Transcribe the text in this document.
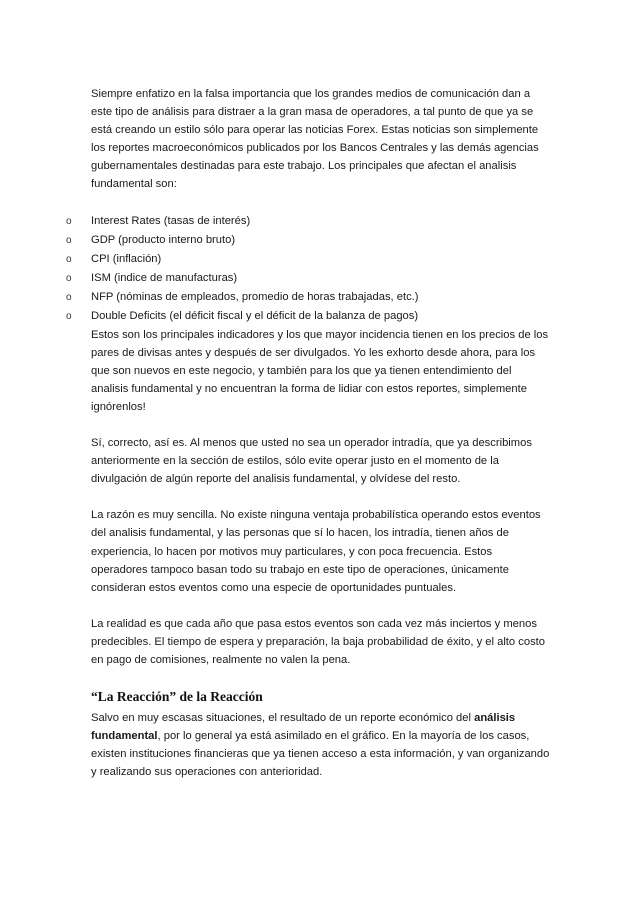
Siempre enfatizo en la falsa importancia que los grandes medios de comunicación dan a este tipo de análisis para distraer a la gran masa de operadores, a tal punto de que ya se está creando un estilo sólo para operar las noticias Forex. Estas noticias son simplemente los reportes macroeconómicos publicados por los Bancos Centrales y las demás agencias gubernamentales destinadas para este trabajo. Los principales que afectan el analisis fundamental son:

o Interest Rates (tasas de interés)
o GDP (producto interno bruto)
o CPI (inflación)
o ISM (indice de manufacturas)
o NFP (nóminas de empleados, promedio de horas trabajadas, etc.)
o Double Deficits (el déficit fiscal y el déficit de la balanza de pagos)

Estos son los principales indicadores y los que mayor incidencia tienen en los precios de los pares de divisas antes y después de ser divulgados. Yo les exhorto desde ahora, para los que son nuevos en este negocio, y también para los que ya tienen entendimiento del analisis fundamental y no encuentran la forma de lidiar con estos reportes, simplemente ignórenlos!

Sí, correcto, así es. Al menos que usted no sea un operador intradía, que ya describimos anteriormente en la sección de estilos, sólo evite operar justo en el momento de la divulgación de algún reporte del analisis fundamental, y olvídese del resto.

La razón es muy sencilla. No existe ninguna ventaja probabilística operando estos eventos del analisis fundamental, y las personas que sí lo hacen, los intradía, tienen años de experiencia, lo hacen por motivos muy particulares, y con poca frecuencia. Estos operadores tampoco basan todo su trabajo en este tipo de operaciones, únicamente consideran estos eventos como una especie de oportunidades puntuales.

La realidad es que cada año que pasa estos eventos son cada vez más inciertos y menos predecibles. El tiempo de espera y preparación, la baja probabilidad de éxito, y el alto costo en pago de comisiones, realmente no valen la pena.

“La Reacción” de la Reacción

Salvo en muy escasas situaciones, el resultado de un reporte económico del análisis fundamental, por lo general ya está asimilado en el gráfico. En la mayoría de los casos, existen instituciones financieras que ya tienen acceso a esta información, y van organizando y realizando sus operaciones con anterioridad.
